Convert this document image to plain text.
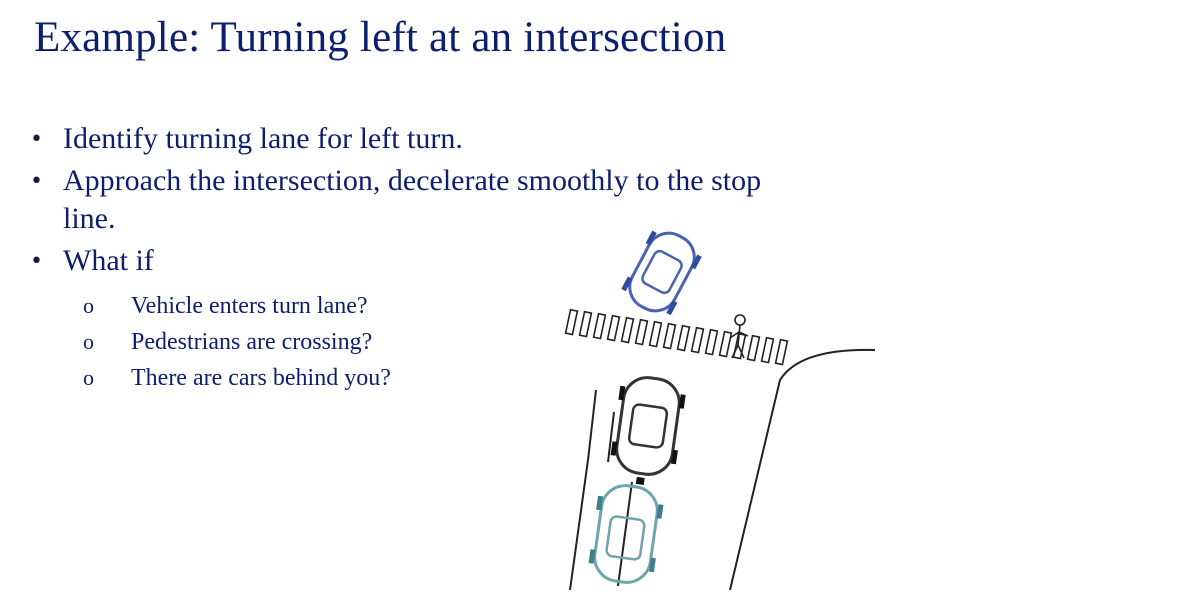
Example: Turning left at an intersection
• Identify turning lane for left turn.
• Approach the intersection, decelerate smoothly to the stop line.
• What if
o Vehicle enters turn lane?
o Pedestrians are crossing?
o There are cars behind you?
